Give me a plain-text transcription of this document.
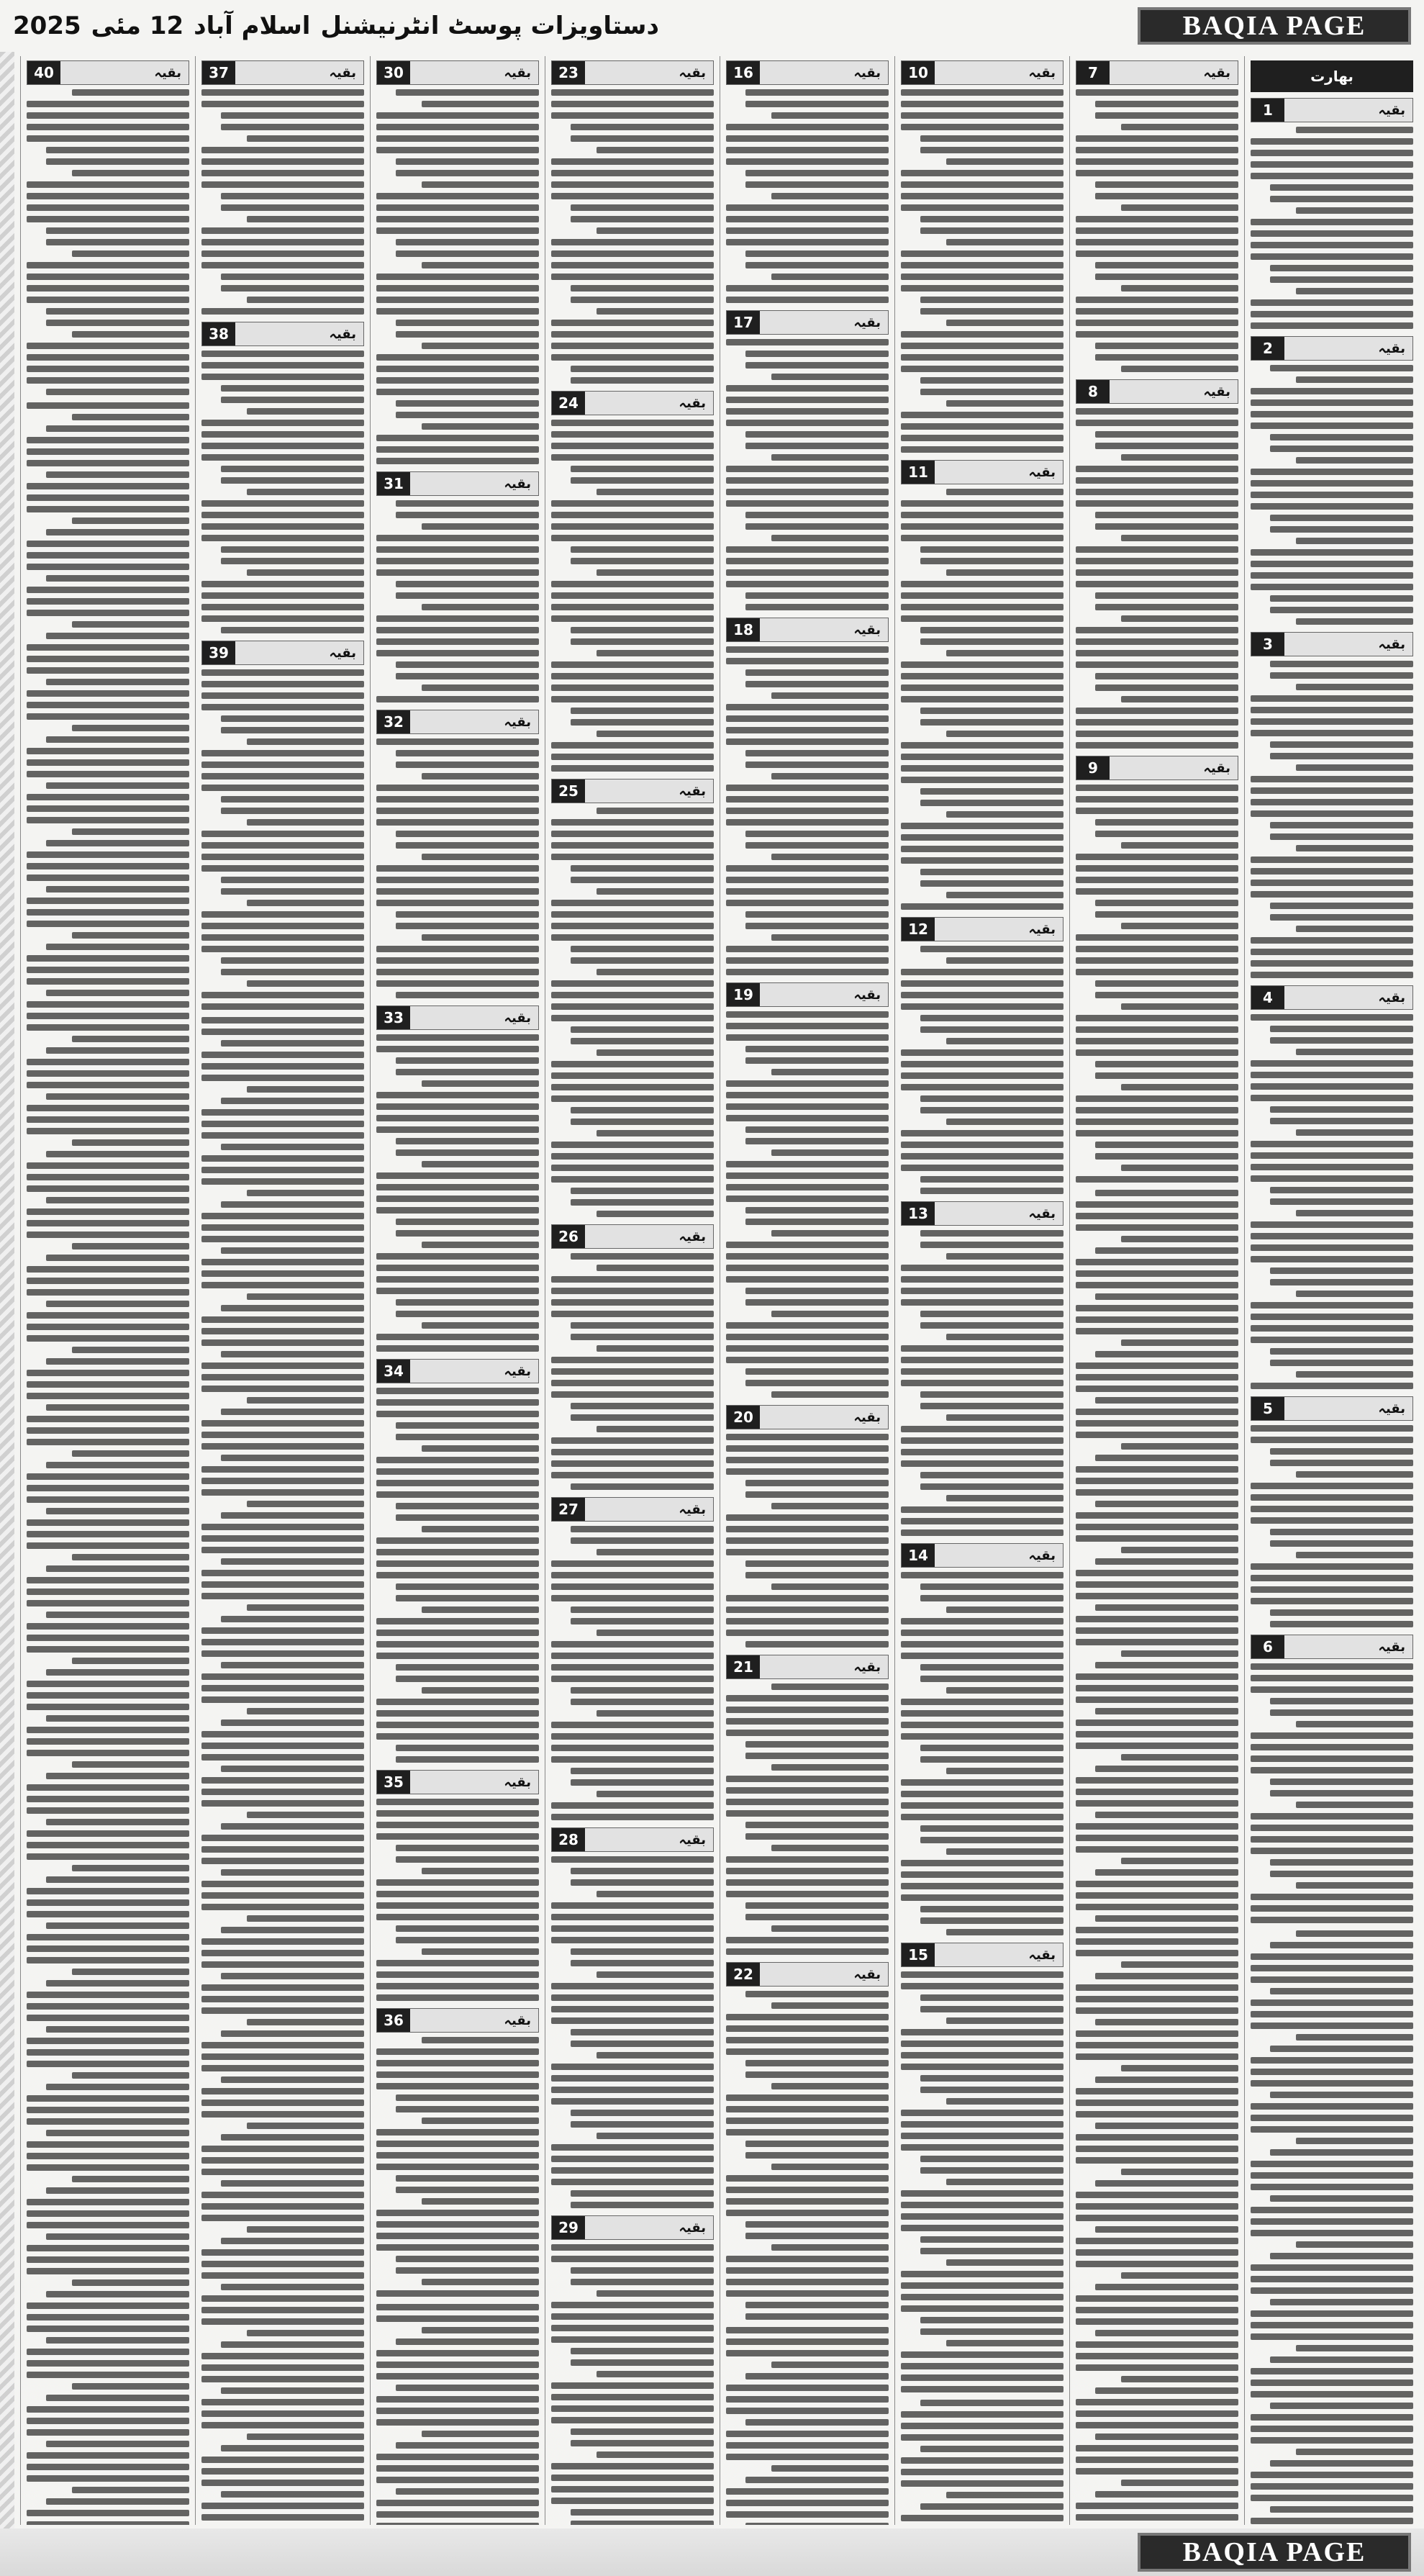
دستاویزات پوسٹ انٹرنیشنل
اسلام آباد
12 مئی
2025	BAQIA PAGE
بھارت
بقیہ
1
بقیہ
2
بقیہ
3
بقیہ
4
بقیہ
5
بقیہ
6
بقیہ
7
بقیہ
8
بقیہ
9
بقیہ
10
بقیہ
11
بقیہ
12
بقیہ
13
بقیہ
14
بقیہ
15
بقیہ
16
بقیہ
17
بقیہ
18
بقیہ
19
بقیہ
20
بقیہ
21
بقیہ
22
بقیہ
23
بقیہ
24
بقیہ
25
بقیہ
26
بقیہ
27
بقیہ
28
بقیہ
29
بقیہ
30
بقیہ
31
بقیہ
32
بقیہ
33
بقیہ
34
بقیہ
35
بقیہ
36
بقیہ
37
بقیہ
38
بقیہ
39
بقیہ
40
BAQIA PAGE
